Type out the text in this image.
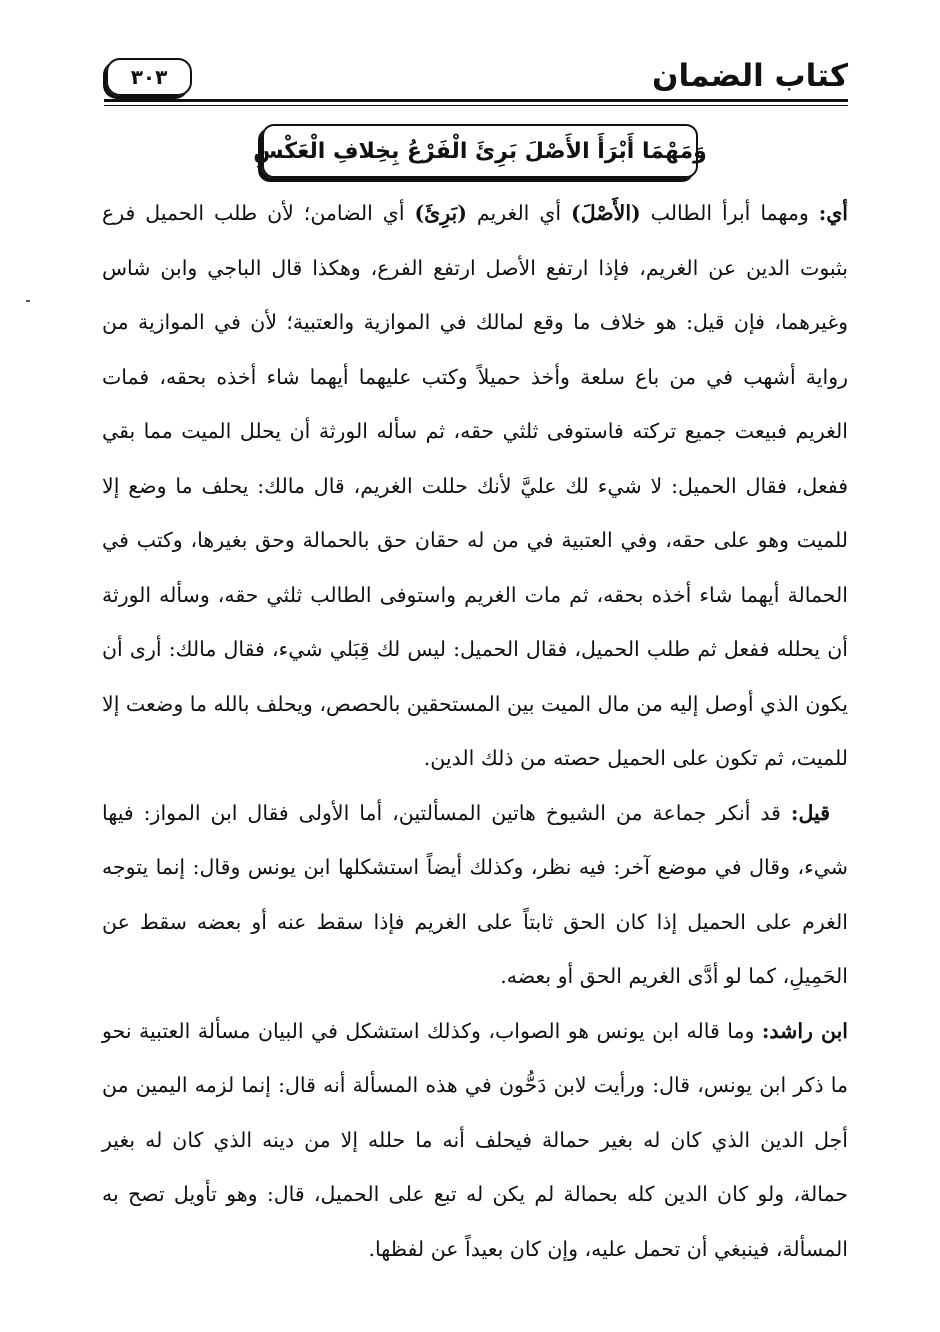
كتاب الضمان
٣٠٣
وَمَهْمَا أَبْرَأَ الأَصْلَ بَرِئَ الْفَرْعُ بِخِلافِ الْعَكْسِ

أي: ومهما أبرأ الطالب (الأَصْلَ) أي الغريم (بَرِئَ) أي الضامن؛ لأن طلب الحميل فرع بثبوت الدين عن الغريم، فإذا ارتفع الأصل ارتفع الفرع، وهكذا قال الباجي وابن شاس وغيرهما، فإن قيل: هو خلاف ما وقع لمالك في الموازية والعتبية؛ لأن في الموازية من رواية أشهب في من باع سلعة وأخذ حميلاً وكتب عليهما أيهما شاء أخذه بحقه، فمات الغريم فبيعت جميع تركته فاستوفى ثلثي حقه، ثم سأله الورثة أن يحلل الميت مما بقي ففعل، فقال الحميل: لا شيء لك عليَّ لأنك حللت الغريم، قال مالك: يحلف ما وضع إلا للميت وهو على حقه، وفي العتبية في من له حقان حق بالحمالة وحق بغيرها، وكتب في الحمالة أيهما شاء أخذه بحقه، ثم مات الغريم واستوفى الطالب ثلثي حقه، وسأله الورثة أن يحلله ففعل ثم طلب الحميل، فقال الحميل: ليس لك قِبَلي شيء، فقال مالك: أرى أن يكون الذي أوصل إليه من مال الميت بين المستحقين بالحصص، ويحلف بالله ما وضعت إلا للميت، ثم تكون على الحميل حصته من ذلك الدين.

قيل: قد أنكر جماعة من الشيوخ هاتين المسألتين، أما الأولى فقال ابن المواز: فيها شيء، وقال في موضع آخر: فيه نظر، وكذلك أيضاً استشكلها ابن يونس وقال: إنما يتوجه الغرم على الحميل إذا كان الحق ثابتاً على الغريم فإذا سقط عنه أو بعضه سقط عن الحَمِيلِ، كما لو أدَّى الغريم الحق أو بعضه.

ابن راشد: وما قاله ابن يونس هو الصواب، وكذلك استشكل في البيان مسألة العتبية نحو ما ذكر ابن يونس، قال: ورأيت لابن دَحُّون في هذه المسألة أنه قال: إنما لزمه اليمين من أجل الدين الذي كان له بغير حمالة فيحلف أنه ما حلله إلا من دينه الذي كان له بغير حمالة، ولو كان الدين كله بحمالة لم يكن له تبع على الحميل، قال: وهو تأويل تصح به المسألة، فينبغي أن تحمل عليه، وإن كان بعيداً عن لفظها.
